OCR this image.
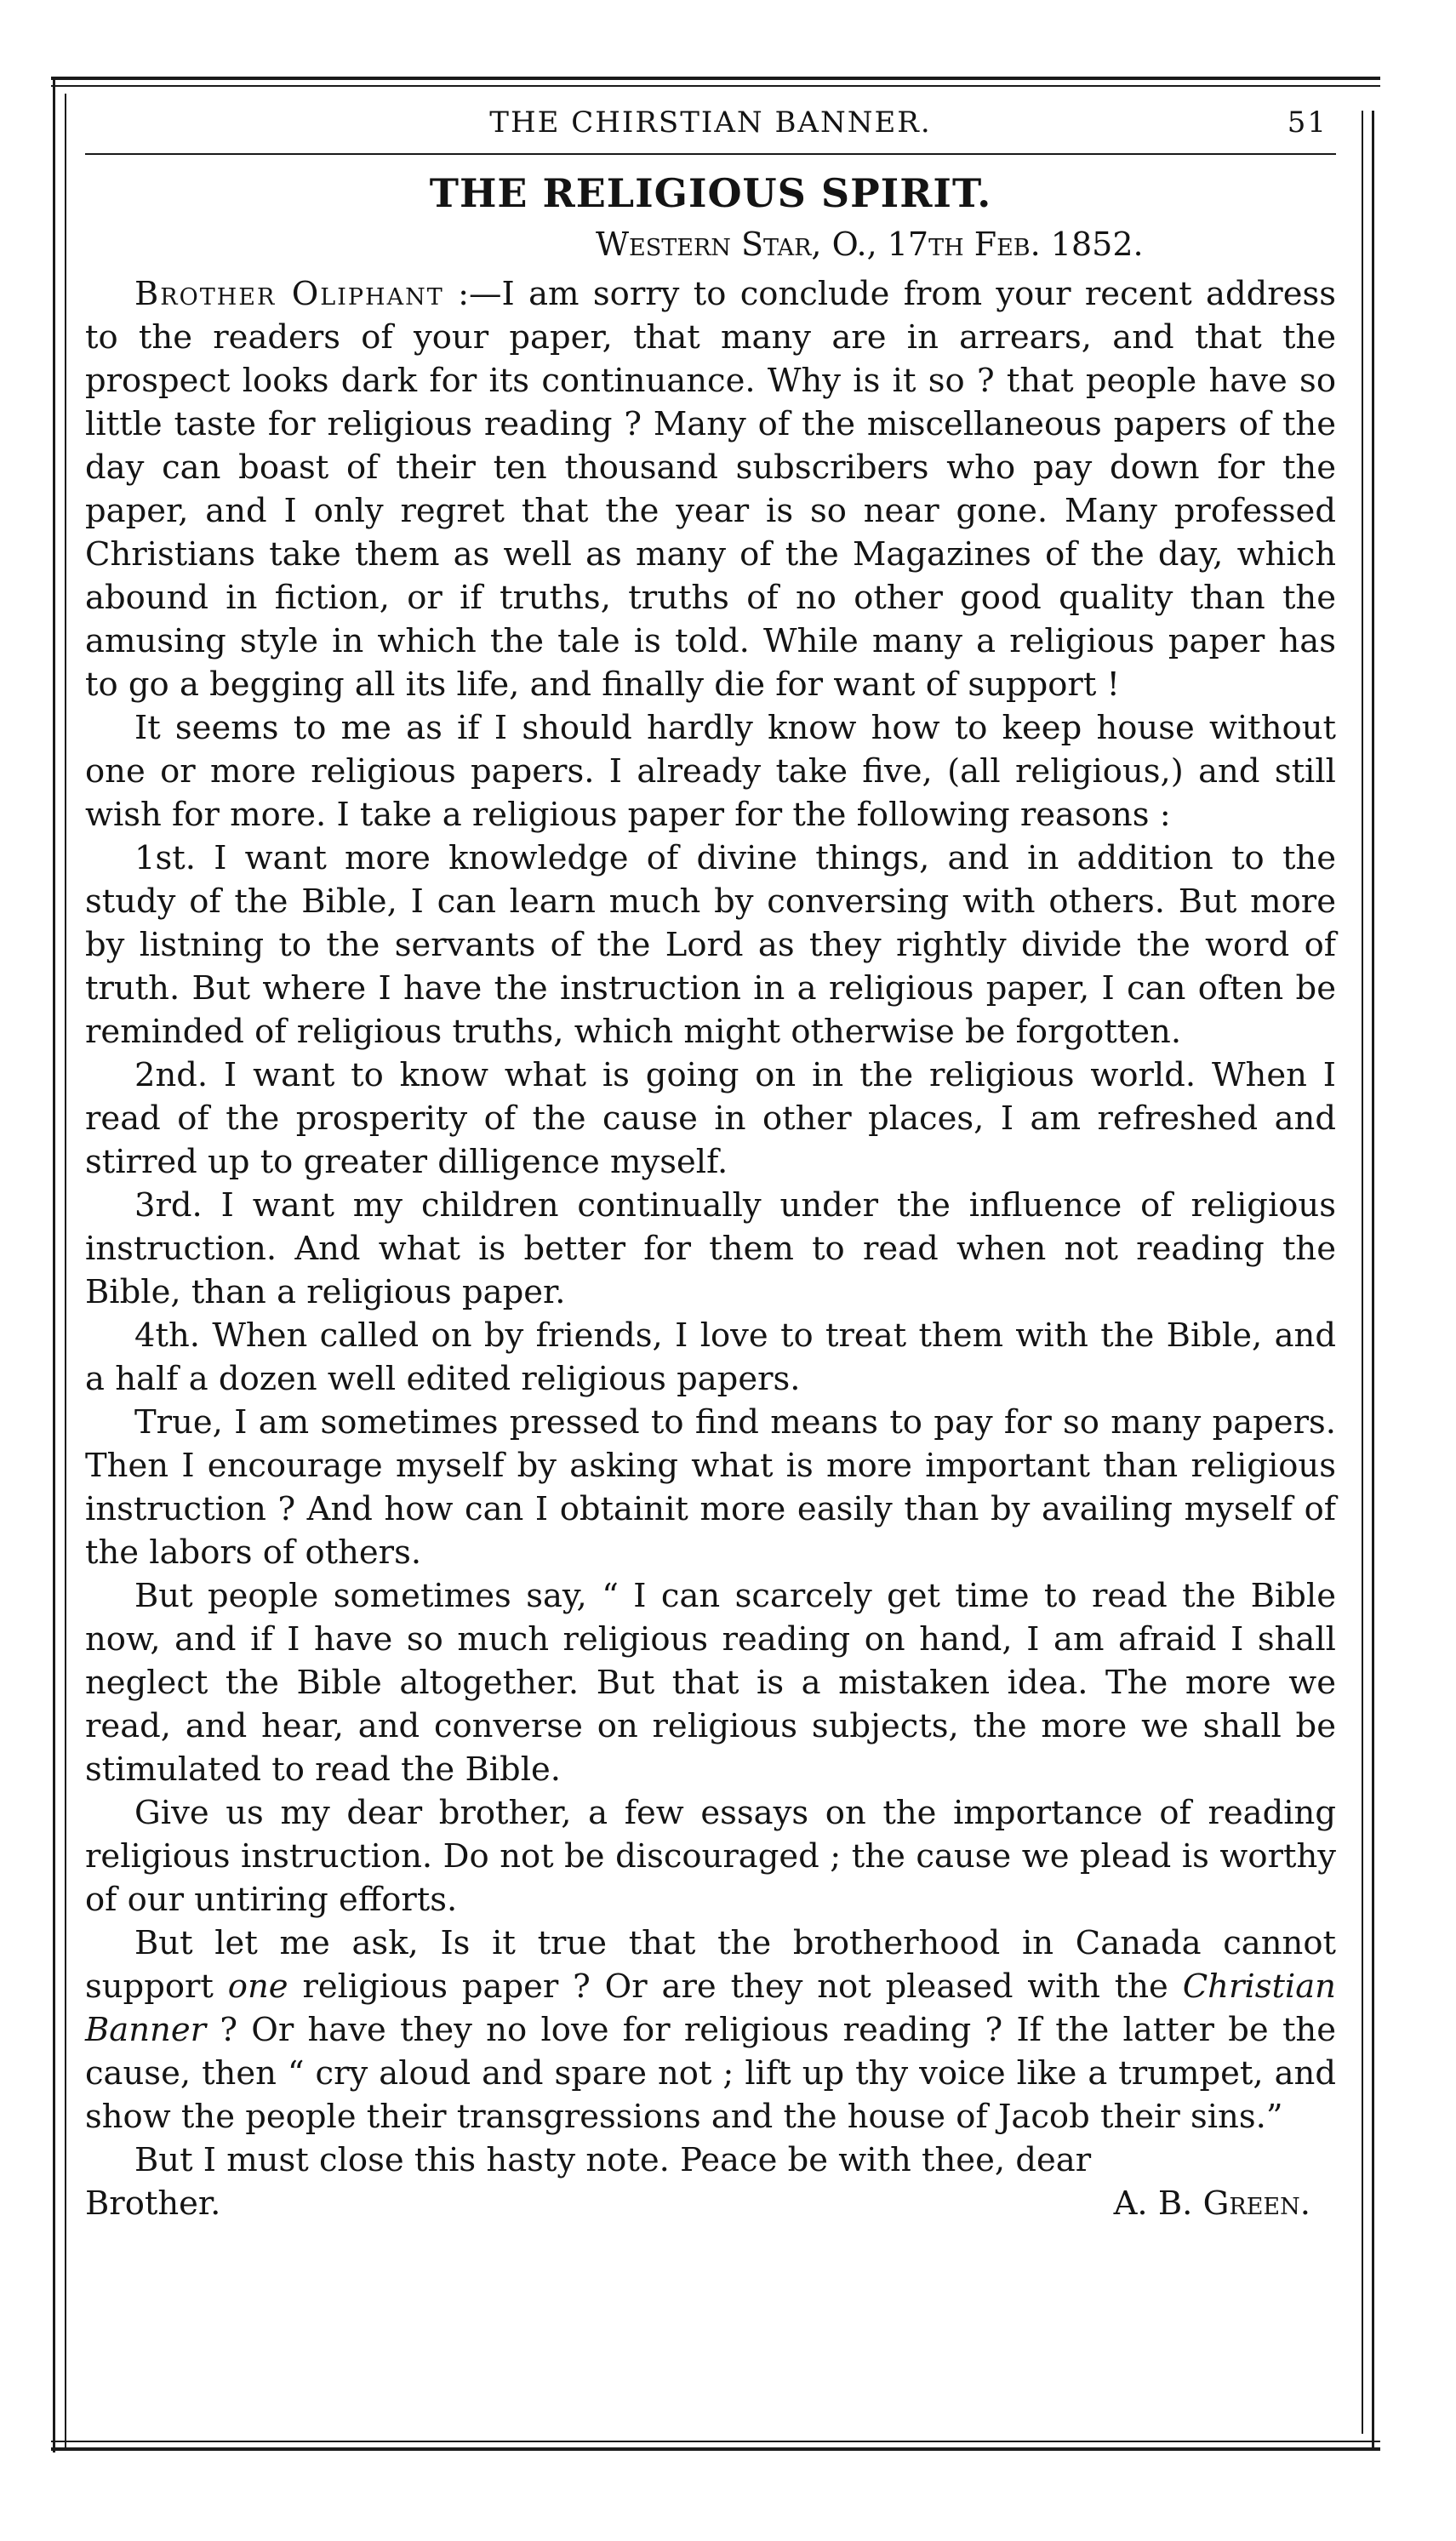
THE CHIRSTIAN BANNER.	51
THE RELIGIOUS SPIRIT.
Western Star, O., 17th Feb. 1852.

Brother Oliphant :—I am sorry to conclude from your recent address to the readers of your paper, that many are in arrears, and that the prospect looks dark for its continuance. Why is it so ? that people have so little taste for religious reading ? Many of the miscellaneous papers of the day can boast of their ten thousand subscribers who pay down for the paper, and I only regret that the year is so near gone. Many professed Christians take them as well as many of the Magazines of the day, which abound in fiction, or if truths, truths of no other good quality than the amusing style in which the tale is told. While many a religious paper has to go a begging all its life, and finally die for want of support !

It seems to me as if I should hardly know how to keep house without one or more religious papers. I already take five, (all religious,) and still wish for more. I take a religious paper for the following reasons :

1st. I want more knowledge of divine things, and in addition to the study of the Bible, I can learn much by conversing with others. But more by listning to the servants of the Lord as they rightly divide the word of truth. But where I have the instruction in a religious paper, I can often be reminded of religious truths, which might otherwise be forgotten.

2nd. I want to know what is going on in the religious world. When I read of the prosperity of the cause in other places, I am refreshed and stirred up to greater dilligence myself.

3rd. I want my children continually under the influence of religious instruction. And what is better for them to read when not reading the Bible, than a religious paper.

4th. When called on by friends, I love to treat them with the Bible, and a half a dozen well edited religious papers.

True, I am sometimes pressed to find means to pay for so many papers. Then I encourage myself by asking what is more important than religious instruction ? And how can I obtainit more easily than by availing myself of the labors of others.

But people sometimes say, “ I can scarcely get time to read the Bible now, and if I have so much religious reading on hand, I am afraid I shall neglect the Bible altogether. But that is a mistaken idea. The more we read, and hear, and converse on religious subjects, the more we shall be stimulated to read the Bible.

Give us my dear brother, a few essays on the importance of reading religious instruction. Do not be discouraged ; the cause we plead is worthy of our untiring efforts.

But let me ask, Is it true that the brotherhood in Canada cannot support one religious paper ? Or are they not pleased with the Christian Banner ? Or have they no love for religious reading ? If the latter be the cause, then “ cry aloud and spare not ; lift up thy voice like a trumpet, and show the people their transgressions and the house of Jacob their sins.”

But I must close this hasty note. Peace be with thee, dear

Brother.	A. B. Green.
